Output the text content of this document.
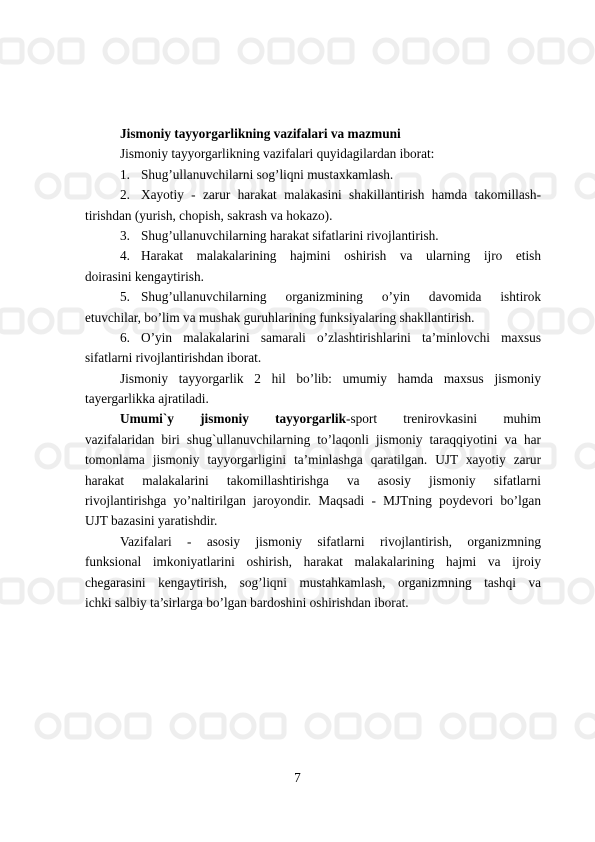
Jismoniy tayyorgarlikning vazifalari va mazmuni
Jismoniy tayyorgarlikning vazifalari quyidagilardan iborat:
1. Shug’ullanuvchilarni sog’liqni mustaxkamlash.
2. Xayotiy - zarur harakat malakasini shakillantirish hamda takomillash-
tirishdan (yurish, chopish, sakrash va hokazo).
3. Shug’ullanuvchilarning harakat sifatlarini rivojlantirish.
4. Harakat malakalarining hajmini oshirish va ularning ijro etish
doirasini kengaytirish.
5. Shug’ullanuvchilarning organizmining o’yin davomida ishtirok
etuvchilar, bo’lim va mushak guruhlarining funksiyalaring shakllantirish.
6. O’yin malakalarini samarali o’zlashtirishlarini ta’minlovchi maxsus
sifatlarni rivojlantirishdan iborat.
Jismoniy tayyorgarlik 2 hil bo’lib: umumiy hamda maxsus jismoniy
tayergarlikka ajratiladi.
Umumi`y jismoniy tayyorgarlik-sport trenirovkasini muhim
vazifalaridan biri shug`ullanuvchilarning to’laqonli jismoniy taraqqiyotini va har
tomonlama jismoniy tayyorgarligini ta’minlashga qaratilgan. UJT xayotiy zarur
harakat malakalarini takomillashtirishga va asosiy jismoniy sifatlarni
rivojlantirishga yo’naltirilgan jaroyondir. Maqsadi - MJTning poydevori bo’lgan
UJT bazasini yaratishdir.
Vazifalari - asosiy jismoniy sifatlarni rivojlantirish, organizmning
funksional imkoniyatlarini oshirish, harakat malakalarining hajmi va ijroiy
chegarasini kengaytirish, sog’liqni mustahkamlash, organizmning tashqi va
ichki salbiy ta’sirlarga bo’lgan bardoshini oshirishdan iborat.
7
